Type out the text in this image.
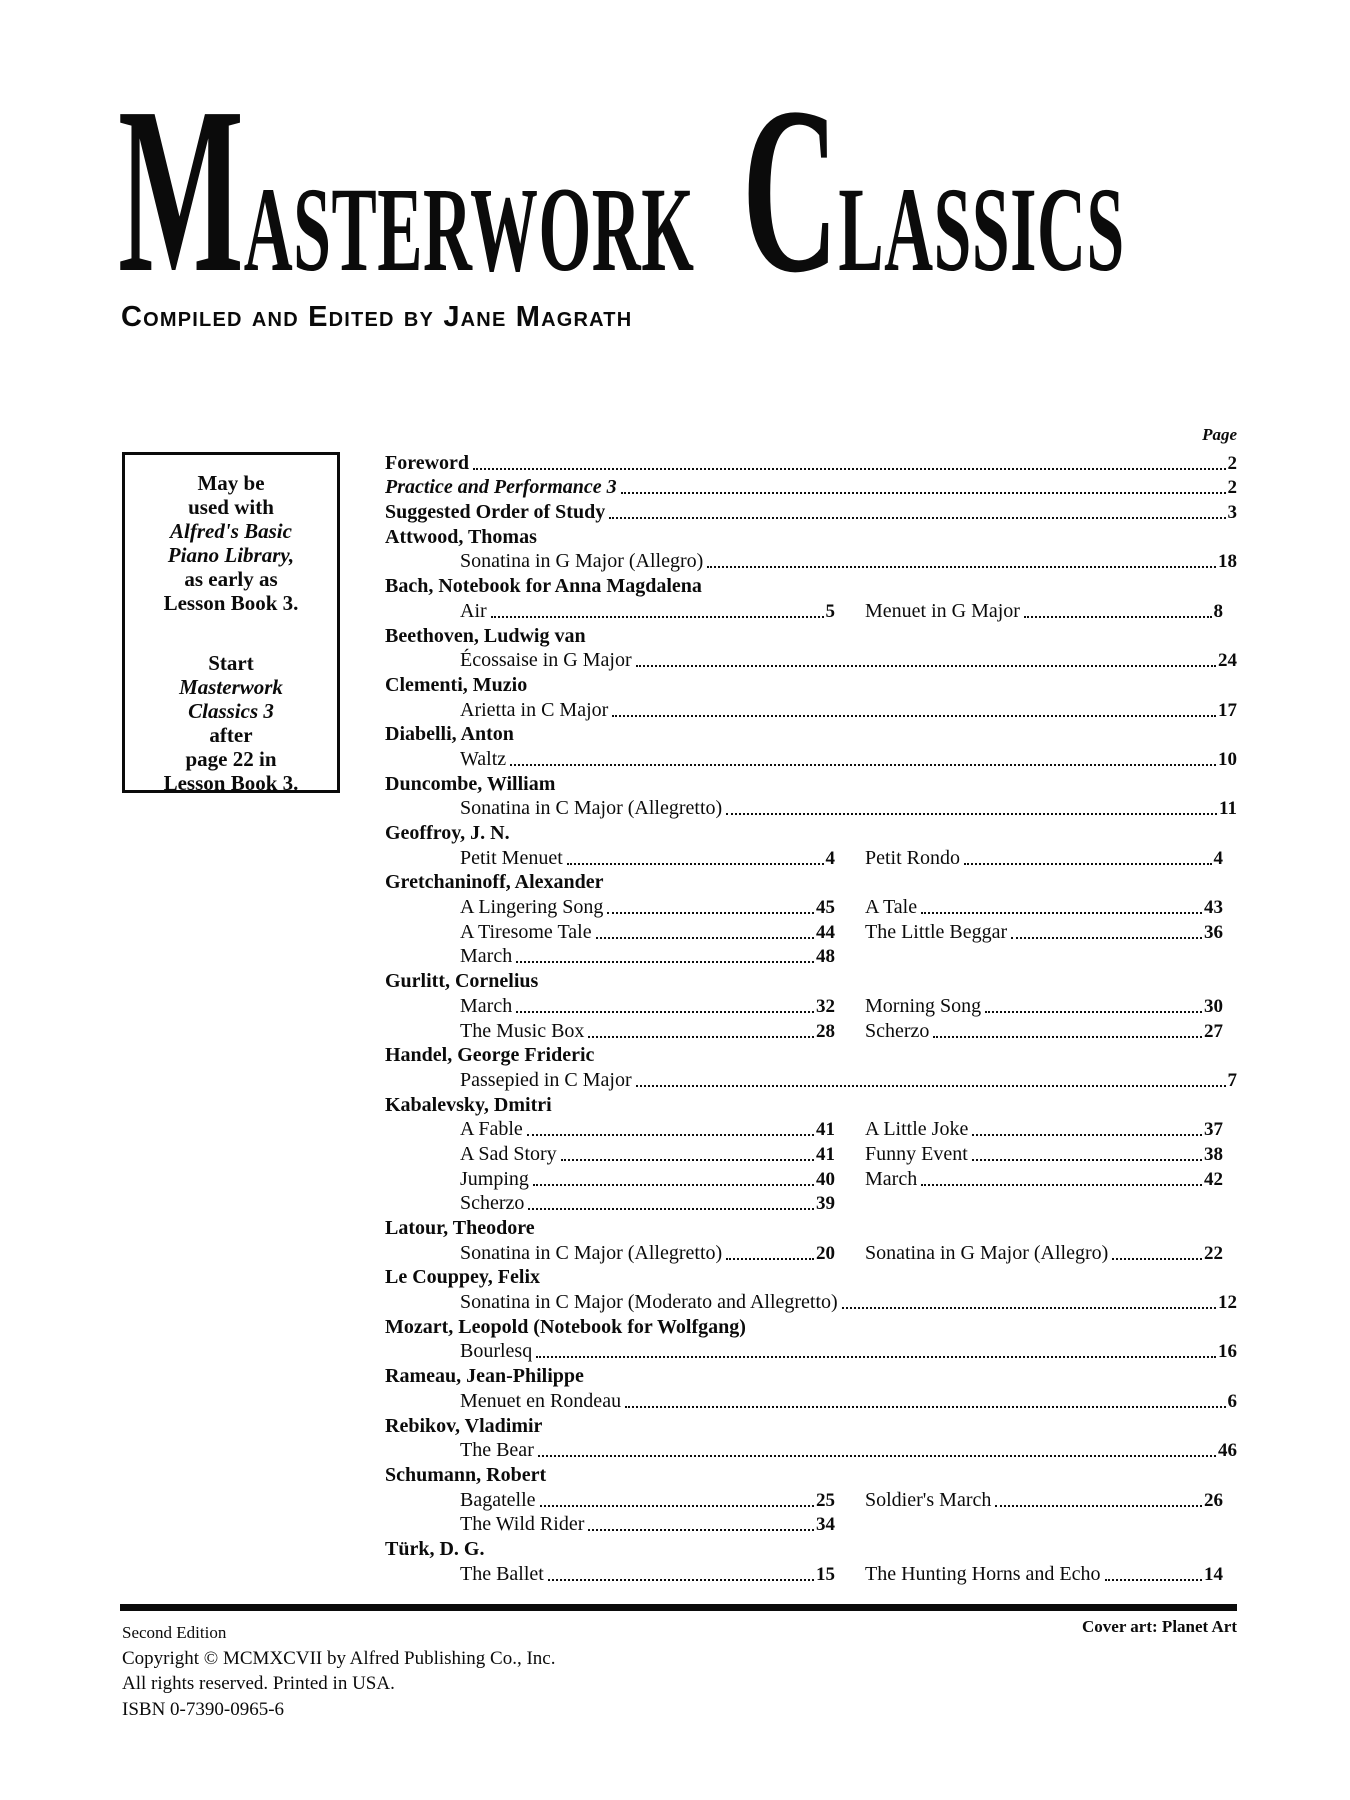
MASTERWORK CLASSICS
Compiled and Edited by Jane Magrath
May be
used with
Alfred's Basic
Piano Library,
as early as
Lesson Book 3.
Start
Masterwork
Classics 3
after
page 22 in
Lesson Book 3.
Page
Foreword	2
Practice and Performance 3	2
Suggested Order of Study	3
Attwood, Thomas
Sonatina in G Major (Allegro)	18
Bach, Notebook for Anna Magdalena
Air	5 Menuet in G Major	8
Beethoven, Ludwig van
Écossaise in G Major	24
Clementi, Muzio
Arietta in C Major	17
Diabelli, Anton
Waltz	10
Duncombe, William
Sonatina in C Major (Allegretto)	11
Geoffroy, J. N.
Petit Menuet	4 Petit Rondo	4
Gretchaninoff, Alexander
A Lingering Song	45 A Tale	43
A Tiresome Tale	44 The Little Beggar	36
March	48
Gurlitt, Cornelius
March	32 Morning Song	30
The Music Box	28 Scherzo	27
Handel, George Frideric
Passepied in C Major	7
Kabalevsky, Dmitri
A Fable	41 A Little Joke	37
A Sad Story	41 Funny Event	38
Jumping	40 March	42
Scherzo	39
Latour, Theodore
Sonatina in C Major (Allegretto)	20 Sonatina in G Major (Allegro)	22
Le Couppey, Felix
Sonatina in C Major (Moderato and Allegretto)	12
Mozart, Leopold (Notebook for Wolfgang)
Bourlesq	16
Rameau, Jean-Philippe
Menuet en Rondeau	6
Rebikov, Vladimir
The Bear	46
Schumann, Robert
Bagatelle	25 Soldier's March	26
The Wild Rider	34
Türk, D. G.
The Ballet	15 The Hunting Horns and Echo	14
Second Edition
Copyright © MCMXCVII by Alfred Publishing Co., Inc.
All rights reserved. Printed in USA.
ISBN 0-7390-0965-6
Cover art: Planet Art
